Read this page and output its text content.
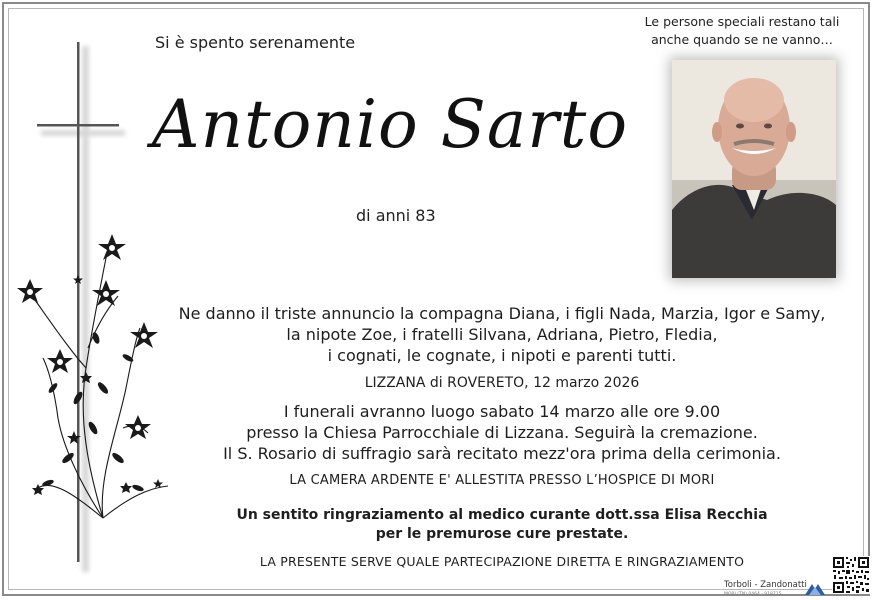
Si è spento serenamente
Le persone speciali restano tali
anche quando se ne vanno…
Antonio Sarto
di anni 83
Ne danno il triste annuncio la compagna Diana, i figli Nada, Marzia, Igor e Samy,
la nipote Zoe, i fratelli Silvana, Adriana, Pietro, Fledia,
i cognati, le cognate, i nipoti e parenti tutti.
LIZZANA di ROVERETO, 12 marzo 2026
I funerali avranno luogo sabato 14 marzo alle ore 9.00
presso la Chiesa Parrocchiale di Lizzana. Seguirà la cremazione.
Il S. Rosario di suffragio sarà recitato mezz'ora prima della cerimonia.
LA CAMERA ARDENTE E' ALLESTITA PRESSO L’HOSPICE DI MORI
Un sentito ringraziamento al medico curante dott.ssa Elisa Recchia
per le premurose cure prestate.
LA PRESENTE SERVE QUALE PARTECIPAZIONE DIRETTA E RINGRAZIAMENTO
Torboli - Zandonatti
MORI (TN) 0464 - 918715
